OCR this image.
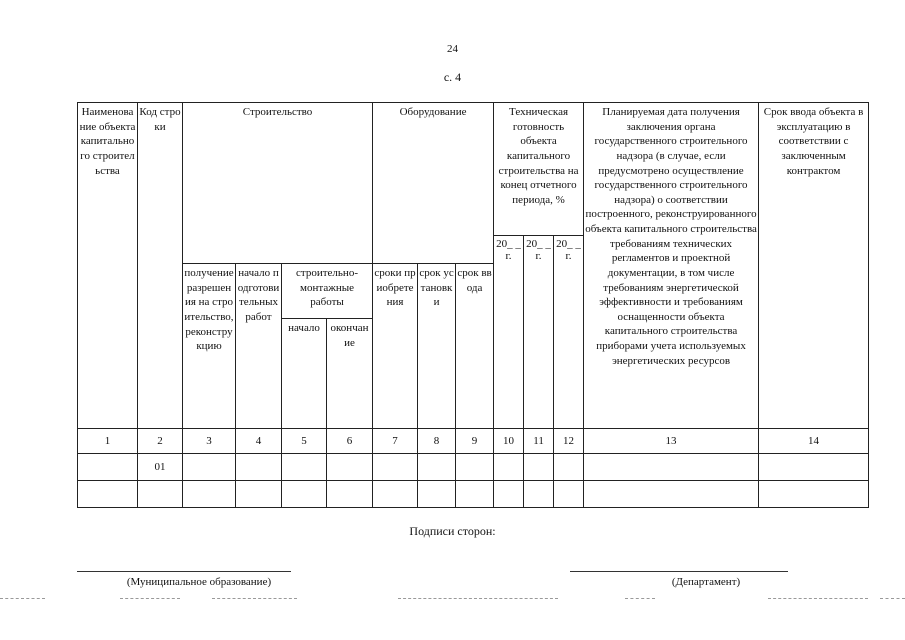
24
с. 4
Наименование объекта капитального строительства	Код строки	Строительство				Оборудование			Техническая готовность объекта капитального строительства на конец отчетного периода, %			Планируемая дата получения заключения органа государственного строительного надзора (в случае, если предусмотрено осуществление государственного строительного надзора) о соответствии построенного, реконструированного объекта капитального строительства требованиям технических регламентов и проектной документации, в том числе требованиям энергетической эффективности и требованиям оснащенности объекта капитального строительства приборами учета используемых энергетических ресурсов	Срок ввода объекта в эксплуатацию в соответствии с заключенным контрактом
									20_ _ г.	20_ _ г.	20_ _ г.		
		получение разрешения на строительство, реконструкцию	начало подготовительных работ	строительно-монтажные работы		сроки приобретения	срок установки	срок ввода					
				начало	окончание								
1	2	3	4	5	6	7	8	9	10	11	12	13	14
	01												

Подписи сторон:
(Муниципальное образование)	(Департамент)
